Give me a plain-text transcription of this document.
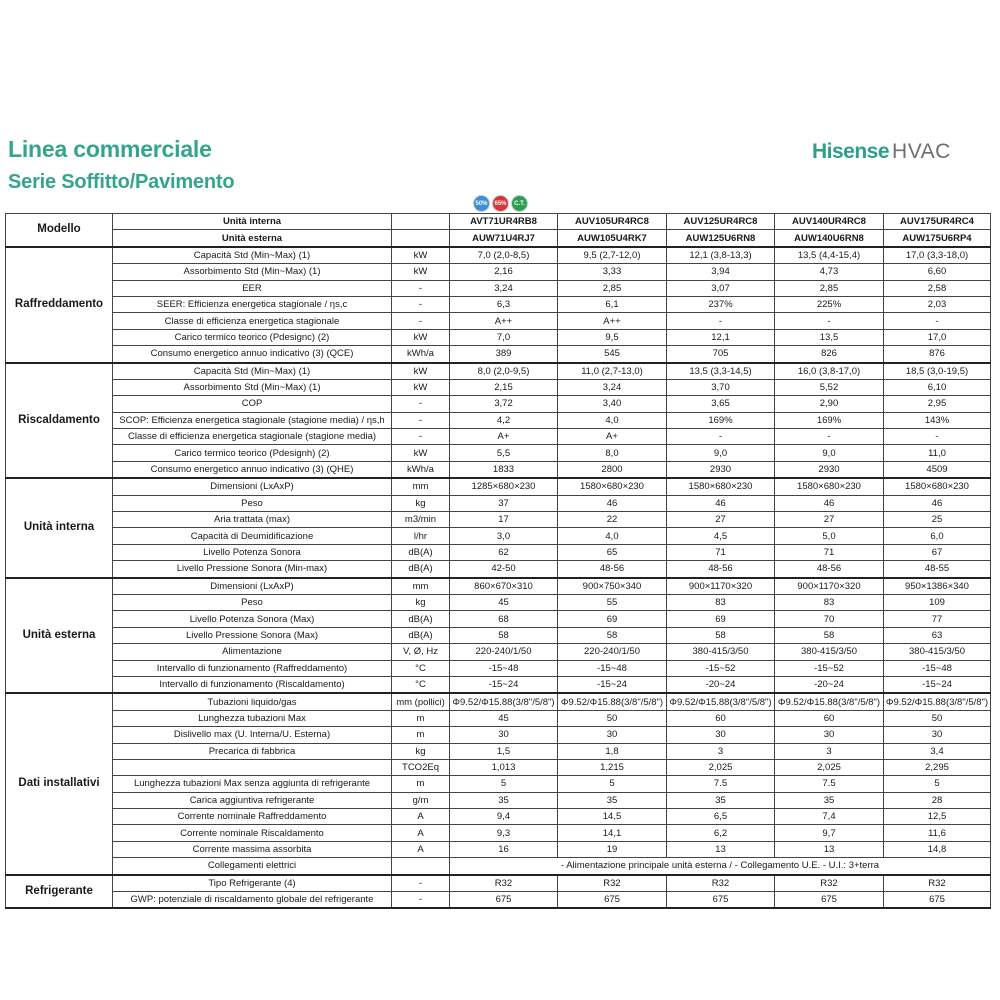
Linea commerciale
Serie Soffitto/Pavimento
Hisense HVAC
50%	65%	C.T.
Modello	Unità interna		AVT71UR4RB8	AUV105UR4RC8	AUV125UR4RC8	AUV140UR4RC8	AUV175UR4RC4
	Unità esterna		AUW71U4RJ7	AUW105U4RK7	AUW125U6RN8	AUW140U6RN8	AUW175U6RP4
Raffreddamento	Capacità Std (Min~Max) (1)	kW	7,0 (2,0-8,5)	9,5 (2,7-12,0)	12,1 (3,8-13,3)	13,5 (4,4-15,4)	17,0 (3,3-18,0)
	Assorbimento Std (Min~Max) (1)	kW	2,16	3,33	3,94	4,73	6,60
	EER	-	3,24	2,85	3,07	2,85	2,58
	SEER: Efficienza energetica stagionale / ηs,c	-	6,3	6,1	237%	225%	2,03
	Classe di efficienza energetica stagionale	-	A++	A++	-	-	-
	Carico termico teorico (Pdesignc) (2)	kW	7,0	9,5	12,1	13,5	17,0
	Consumo energetico annuo indicativo (3) (QCE)	kWh/a	389	545	705	826	876
Riscaldamento	Capacità Std (Min~Max) (1)	kW	8,0 (2,0-9,5)	11,0 (2,7-13,0)	13,5 (3,3-14,5)	16,0 (3,8-17,0)	18,5 (3,0-19,5)
	Assorbimento Std (Min~Max) (1)	kW	2,15	3,24	3,70	5,52	6,10
	COP	-	3,72	3,40	3,65	2,90	2,95
	SCOP: Efficienza energetica stagionale (stagione media) / ηs,h	-	4,2	4,0	169%	169%	143%
	Classe di efficienza energetica stagionale (stagione media)	-	A+	A+	-	-	-
	Carico termico teorico (Pdesignh) (2)	kW	5,5	8,0	9,0	9,0	11,0
	Consumo energetico annuo indicativo (3) (QHE)	kWh/a	1833	2800	2930	2930	4509
Unità interna	Dimensioni (LxAxP)	mm	1285×680×230	1580×680×230	1580×680×230	1580×680×230	1580×680×230
	Peso	kg	37	46	46	46	46
	Aria trattata (max)	m3/min	17	22	27	27	25
	Capacità di Deumidificazione	l/hr	3,0	4,0	4,5	5,0	6,0
	Livello Potenza Sonora	dB(A)	62	65	71	71	67
	Livello Pressione Sonora (Min-max)	dB(A)	42-50	48-56	48-56	48-56	48-55
Unità esterna	Dimensioni (LxAxP)	mm	860×670×310	900×750×340	900×1170×320	900×1170×320	950×1386×340
	Peso	kg	45	55	83	83	109
	Livello Potenza Sonora (Max)	dB(A)	68	69	69	70	77
	Livello Pressione Sonora (Max)	dB(A)	58	58	58	58	63
	Alimentazione	V, Ø, Hz	220-240/1/50	220-240/1/50	380-415/3/50	380-415/3/50	380-415/3/50
	Intervallo di funzionamento (Raffreddamento)	°C	-15~48	-15~48	-15~52	-15~52	-15~48
	Intervallo di funzionamento (Riscaldamento)	°C	-15~24	-15~24	-20~24	-20~24	-15~24
Dati installativi	Tubazioni liquido/gas	mm (pollici)	Φ9.52/Φ15.88(3/8"/5/8")	Φ9.52/Φ15.88(3/8"/5/8")	Φ9.52/Φ15.88(3/8"/5/8")	Φ9.52/Φ15.88(3/8"/5/8")	Φ9.52/Φ15.88(3/8"/5/8")
	Lunghezza tubazioni Max	m	45	50	60	60	50
	Dislivello max (U. Interna/U. Esterna)	m	30	30	30	30	30
	Precarica di fabbrica	kg	1,5	1,8	3	3	3,4
		TCO2Eq	1,013	1,215	2,025	2,025	2,295
	Lunghezza tubazioni Max senza aggiunta di refrigerante	m	5	5	7.5	7.5	5
	Carica aggiuntiva refrigerante	g/m	35	35	35	35	28
	Corrente nominale Raffreddamento	A	9,4	14,5	6,5	7,4	12,5
	Corrente nominale Riscaldamento	A	9,3	14,1	6,2	9,7	11,6
	Corrente massima assorbita	A	16	19	13	13	14,8
	Collegamenti elettrici		- Alimentazione principale unità esterna / - Collegamento U.E. - U.I.: 3+terra				
Refrigerante	Tipo Refrigerante (4)	-	R32	R32	R32	R32	R32
	GWP: potenziale di riscaldamento globale del refrigerante	-	675	675	675	675	675
